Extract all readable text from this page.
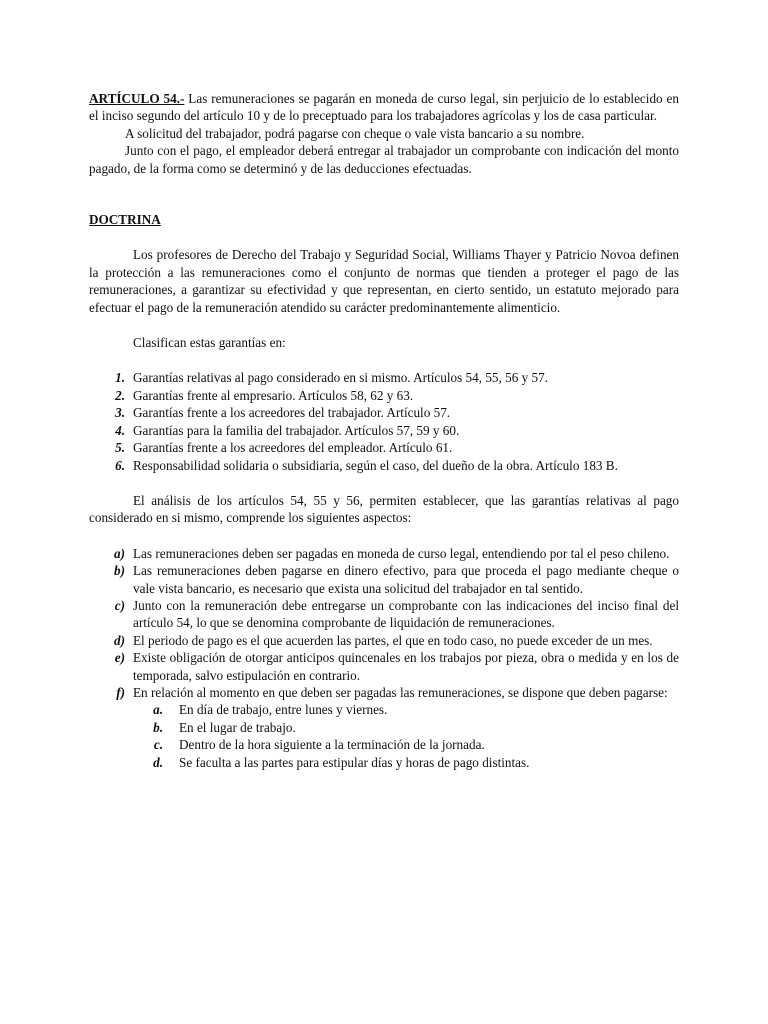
ARTÍCULO 54.- Las remuneraciones se pagarán en moneda de curso legal, sin perjuicio de lo establecido en el inciso segundo del artículo 10 y de lo preceptuado para los trabajadores agrícolas y los de casa particular.

A solicitud del trabajador, podrá pagarse con cheque o vale vista bancario a su nombre.

Junto con el pago, el empleador deberá entregar al trabajador un comprobante con indicación del monto pagado, de la forma como se determinó y de las deducciones efectuadas.

DOCTRINA

Los profesores de Derecho del Trabajo y Seguridad Social, Williams Thayer y Patricio Novoa definen la protección a las remuneraciones como el conjunto de normas que tienden a proteger el pago de las remuneraciones, a garantizar su efectividad y que representan, en cierto sentido, un estatuto mejorado para efectuar el pago de la remuneración atendido su carácter predominantemente alimenticio.

Clasifican estas garantías en:

1. Garantías relativas al pago considerado en si mismo. Artículos 54, 55, 56 y 57.
2. Garantías frente al empresario. Artículos 58, 62 y 63.
3. Garantías frente a los acreedores del trabajador. Artículo 57.
4. Garantías para la familia del trabajador. Artículos 57, 59 y 60.
5. Garantías frente a los acreedores del empleador. Artículo 61.
6. Responsabilidad solidaria o subsidiaria, según el caso, del dueño de la obra. Artículo 183 B.

El análisis de los artículos 54, 55 y 56, permiten establecer, que las garantías relativas al pago considerado en si mismo, comprende los siguientes aspectos:

a) Las remuneraciones deben ser pagadas en moneda de curso legal, entendiendo por tal el peso chileno.
b) Las remuneraciones deben pagarse en dinero efectivo, para que proceda el pago mediante cheque o vale vista bancario, es necesario que exista una solicitud del trabajador en tal sentido.
c) Junto con la remuneración debe entregarse un comprobante con las indicaciones del inciso final del artículo 54, lo que se denomina comprobante de liquidación de remuneraciones.
d) El periodo de pago es el que acuerden las partes, el que en todo caso, no puede exceder de un mes.
e) Existe obligación de otorgar anticipos quincenales en los trabajos por pieza, obra o medida y en los de temporada, salvo estipulación en contrario.
f) En relación al momento en que deben ser pagadas las remuneraciones, se dispone que deben pagarse:
a. En día de trabajo, entre lunes y viernes.
b. En el lugar de trabajo.
c. Dentro de la hora siguiente a la terminación de la jornada.
d. Se faculta a las partes para estipular días y horas de pago distintas.
